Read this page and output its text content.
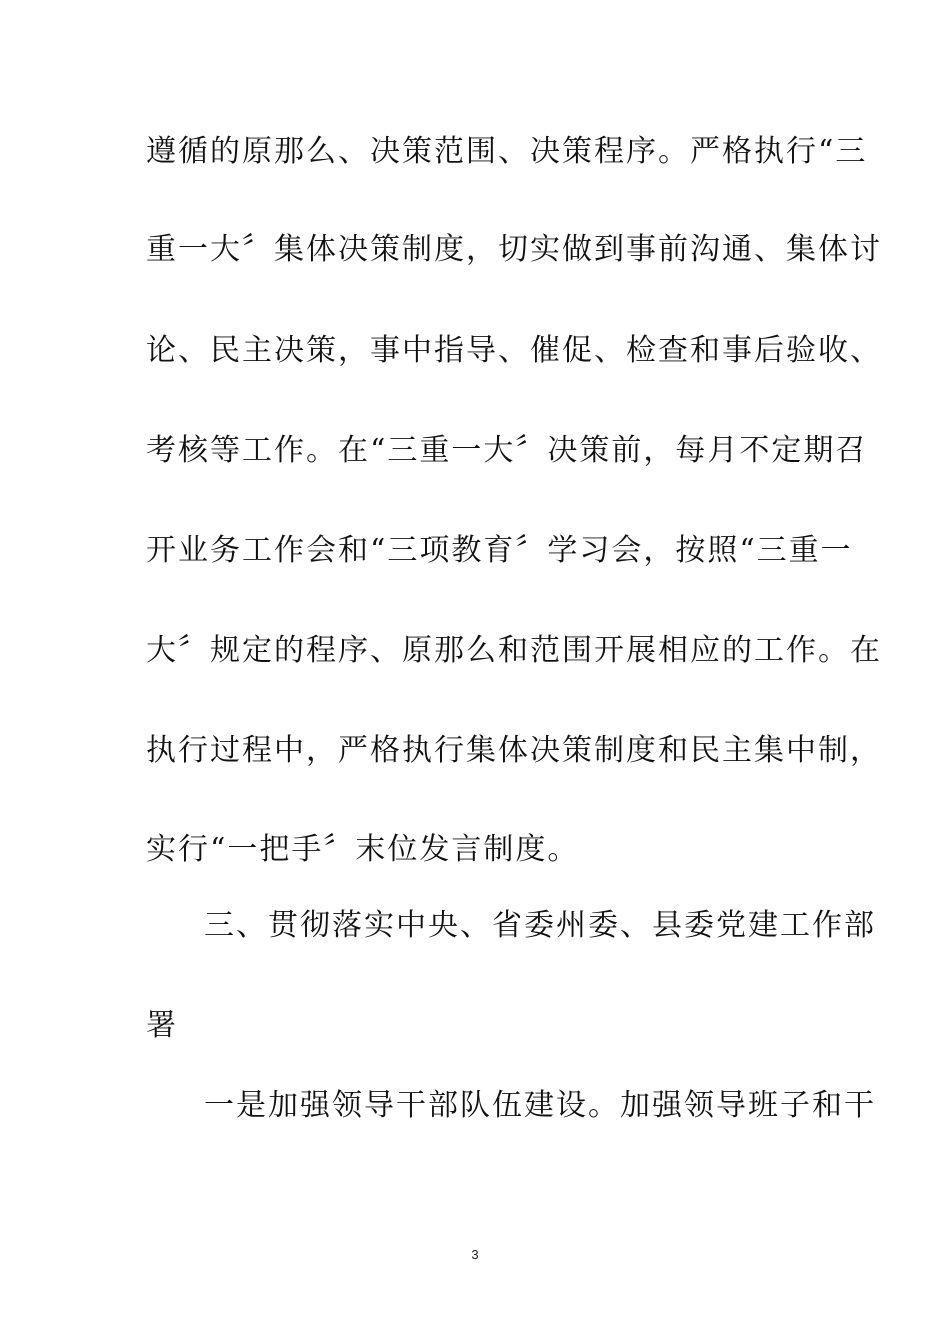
遵循的原那么、决策范围、决策程序。严格执行“三
重一大〞集体决策制度，切实做到事前沟通、集体讨
论、民主决策，事中指导、催促、检查和事后验收、
考核等工作。在“三重一大〞决策前，每月不定期召
开业务工作会和“三项教育〞学习会，按照“三重一
大〞规定的程序、原那么和范围开展相应的工作。在
执行过程中，严格执行集体决策制度和民主集中制，
实行“一把手〞末位发言制度。
三、贯彻落实中央、省委州委、县委党建工作部
署
一是加强领导干部队伍建设。加强领导班子和干
3
